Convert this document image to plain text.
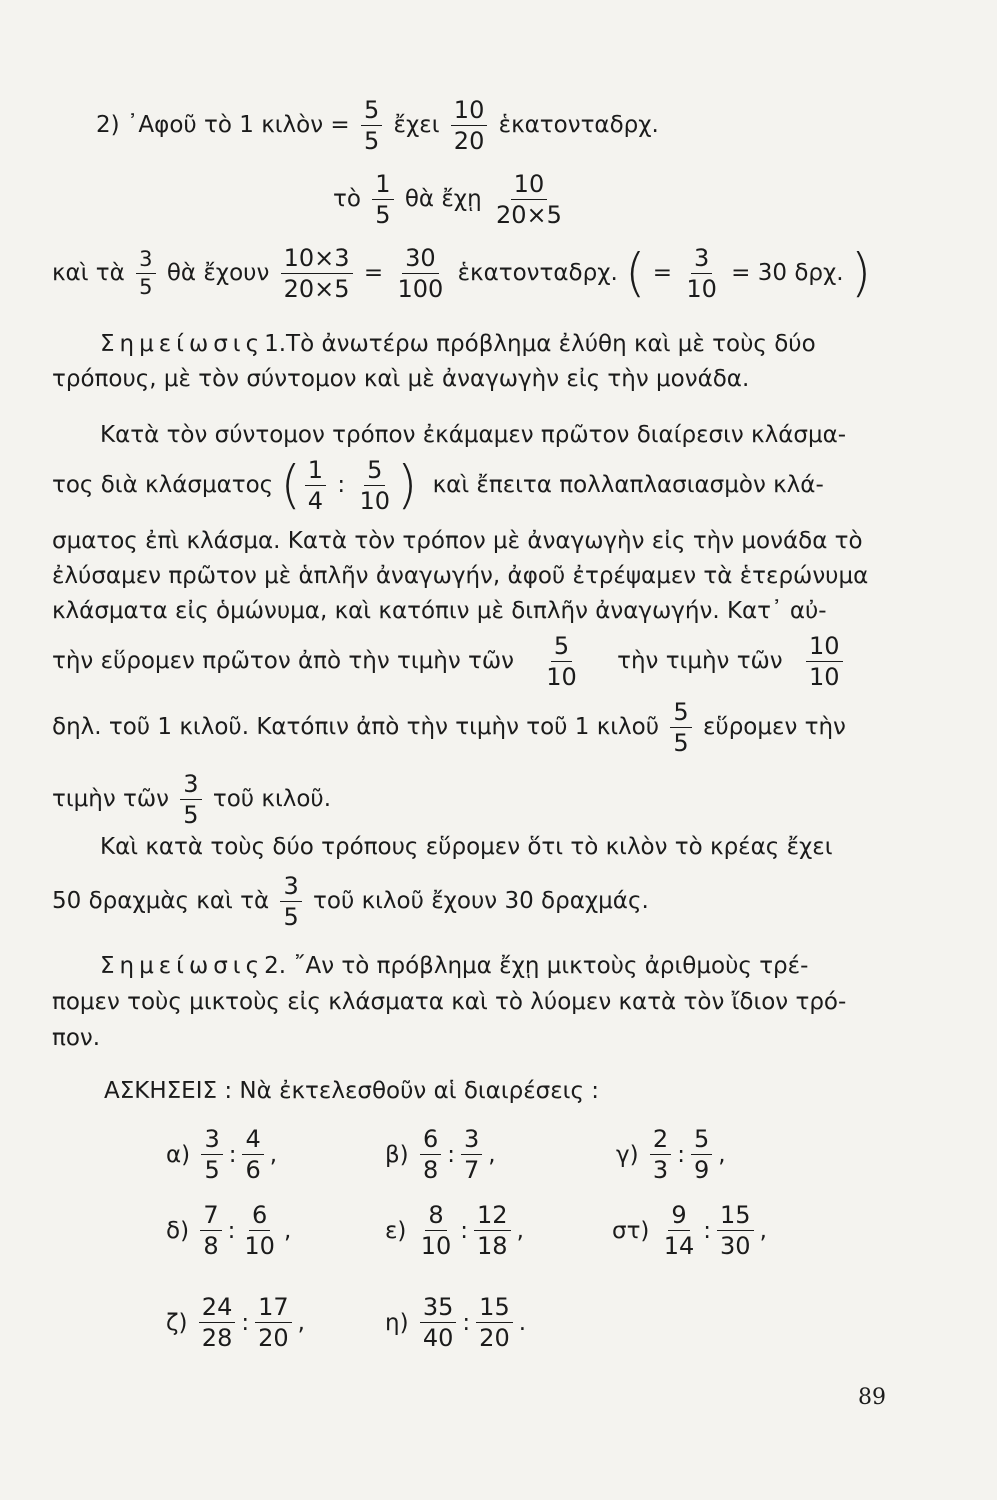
2) ᾿Αφοῦ τὸ 1 κιλὸν = $\frac{5}{5}$ ἔχει $\frac{10}{20}$ ἑκατονταδρχ.
τὸ $\frac{1}{5}$ θὰ ἔχῃ $\frac{10}{20\times 5}$
καὶ τὰ $\frac{3}{5}$ θὰ ἔχουν $\frac{10\times 3}{20\times 5} = \frac{30}{100}$ ἑκατονταδρχ. ( = $\frac{3}{10} = 30$ δρχ. )
Σημείωσις1.Τὸ ἀνωτέρω πρόβλημα ἐλύθη καὶ μὲ τοὺς δύο
τρόπους, μὲ τὸν σύντομον καὶ μὲ ἀναγωγὴν εἰς τὴν μονάδα.
Κατὰ τὸν σύντομον τρόπον ἐκάμαμεν πρῶτον διαίρεσιν κλάσμα-
τος διὰ κλάσματος ( $\frac{1}{4}$ : $\frac{5}{10}$ ) καὶ ἔπειτα πολλαπλασιασμὸν κλά-
σματος ἐπὶ κλάσμα. Κατὰ τὸν τρόπον μὲ ἀναγωγὴν εἰς τὴν μονάδα τὸ
ἐλύσαμεν πρῶτον μὲ ἁπλῆν ἀναγωγήν, ἀφοῦ ἐτρέψαμεν τὰ ἑτερώνυμα
κλάσματα εἰς ὁμώνυμα, καὶ κατόπιν μὲ διπλῆν ἀναγωγήν. Κατ᾿ αὐ-
τὴν εὕρομεν πρῶτον ἀπὸ τὴν τιμὴν τῶν $\frac{5}{10}$ τὴν τιμὴν τῶν $\frac{10}{10}$
δηλ. τοῦ 1 κιλοῦ. Κατόπιν ἀπὸ τὴν τιμὴν τοῦ 1 κιλοῦ $\frac{5}{5}$ εὕρομεν τὴν
τιμὴν τῶν $\frac{3}{5}$ τοῦ κιλοῦ.
Καὶ κατὰ τοὺς δύο τρόπους εὕρομεν ὅτι τὸ κιλὸν τὸ κρέας ἔχει
50 δραχμὰς καὶ τὰ $\frac{3}{5}$ τοῦ κιλοῦ ἔχουν 30 δραχμάς.
Σημείωσις2. ῎Αν τὸ πρόβλημα ἔχῃ μικτοὺς ἀριθμοὺς τρέ-
πομεν τοὺς μικτοὺς εἰς κλάσματα καὶ τὸ λύομεν κατὰ τὸν ἴδιον τρό-
πον.
ΑΣΚΗΣΕΙΣ : Νὰ ἐκτελεσθοῦν αἱ διαιρέσεις :
$\alpha) \frac{3}{5}$ : $\frac{4}{6}$ ,	$\beta) \frac{6}{8}$ : $\frac{3}{7}$ ,	$\gamma) \frac{2}{3}$ : $\frac{5}{9}$ ,
$\delta) \frac{7}{8}$ : $\frac{6}{10}$ ,	$\varepsilon) \frac{8}{10}$ : $\frac{12}{18}$ ,	$\sigma\tau) \frac{9}{14}$ : $\frac{15}{30}$ ,
$\zeta) \frac{24}{28}$ : $\frac{17}{20}$ ,	$\eta) \frac{35}{40}$ : $\frac{15}{20}$ .
89
